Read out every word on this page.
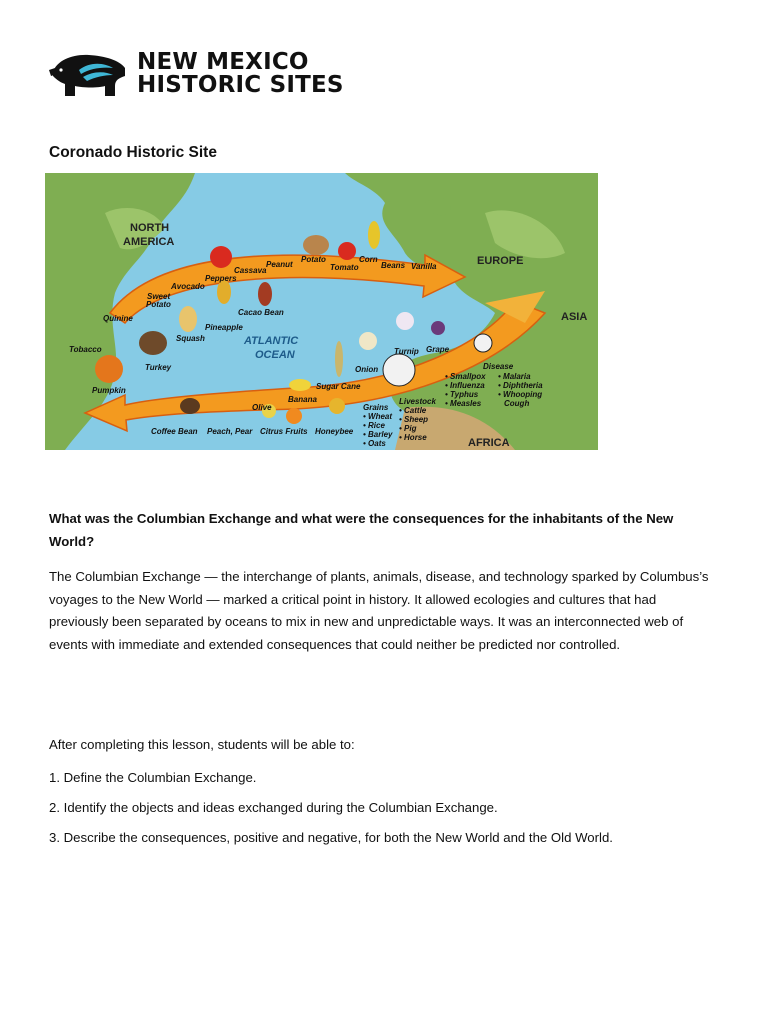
NEW MEXICO
HISTORIC SITES
Coronado Historic Site
NORTH
AMERICA
EUROPE
ASIA
AFRICA
ATLANTIC
OCEAN
Tobacco
Quinine
Sweet
Potato
Avocado
Peppers
Cassava
Peanut
Potato
Tomato
Corn
Beans Vanilla
Cacao Bean
Pineapple
Squash
Turkey
Pumpkin
Turnip Grape
Onion
Sugar Cane
Banana
Olive
Coffee Bean Peach, Pear Citrus Fruits Honeybee
Disease
• Smallpox
• Influenza
• Typhus
• Measles
• Malaria
• Diphtheria
• Whooping
Cough
Grains
• Wheat
• Rice
• Barley
• Oats
Livestock
• Cattle
• Sheep
• Pig
• Horse

What was the Columbian Exchange and what were the consequences for the inhabitants of the New World?

The Columbian Exchange — the interchange of plants, animals, disease, and technology sparked by Columbus’s voyages to the New World — marked a critical point in history. It allowed ecologies and cultures that had previously been separated by oceans to mix in new and unpredictable ways. It was an interconnected web of events with immediate and extended consequences that could neither be predicted nor controlled.

After completing this lesson, students will be able to:

1. Define the Columbian Exchange.

2. Identify the objects and ideas exchanged during the Columbian Exchange.

3. Describe the consequences, positive and negative, for both the New World and the Old World.
